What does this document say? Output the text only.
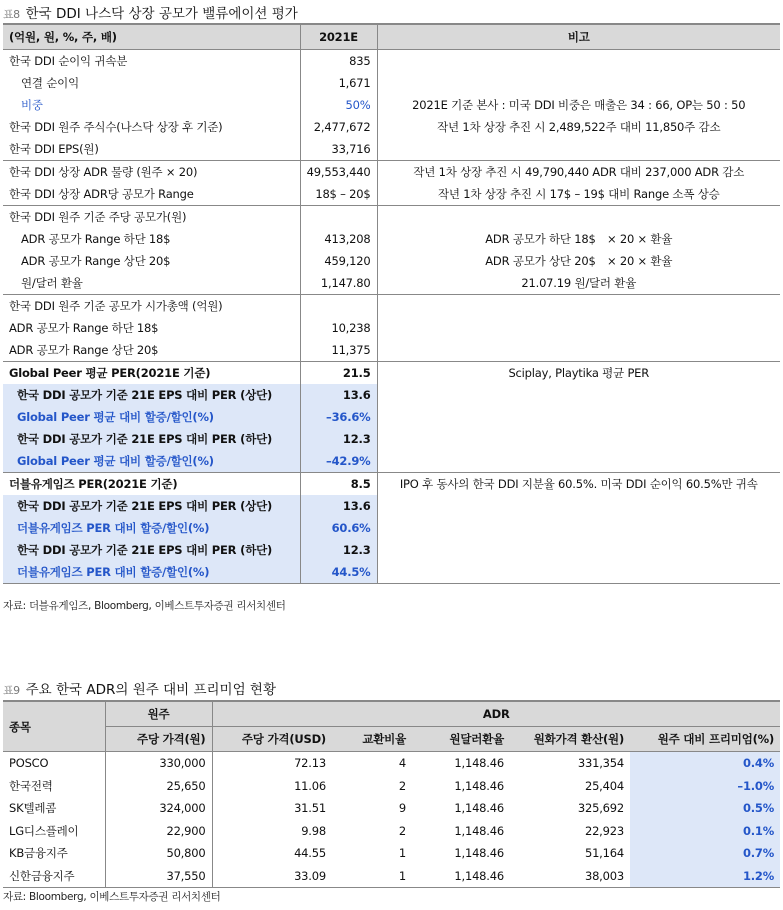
표8 한국 DDI 나스닥 상장 공모가 밸류에이션 평가
(억원, 원, %, 주, 배)	2021E	비고
한국 DDI 순이익 귀속분	835	
연결 순이익	1,671	
비중	50%	2021E 기준 본사 : 미국 DDI 비중은 매출은 34 : 66, OP는 50 : 50
한국 DDI 원주 주식수(나스닥 상장 후 기준)	2,477,672	작년 1차 상장 추진 시 2,489,522주 대비 11,850주 감소
한국 DDI EPS(원)	33,716	
한국 DDI 상장 ADR 물량 (원주 × 20)	49,553,440	작년 1차 상장 추진 시 49,790,440 ADR 대비 237,000 ADR 감소
한국 DDI 상장 ADR당 공모가 Range	18$ – 20$	작년 1차 상장 추진 시 17$ – 19$ 대비 Range 소폭 상승
한국 DDI 원주 기준 주당 공모가(원)		
ADR 공모가 Range 하단 18$	413,208	ADR 공모가 하단 18$　× 20 × 환율
ADR 공모가 Range 상단 20$	459,120	ADR 공모가 상단 20$　× 20 × 환율
원/달러 환율	1,147.80	21.07.19 원/달러 환율
한국 DDI 원주 기준 공모가 시가총액 (억원)		
ADR 공모가 Range 하단 18$	10,238	
ADR 공모가 Range 상단 20$	11,375	
Global Peer 평균 PER(2021E 기준)	21.5	Sciplay, Playtika 평균 PER
한국 DDI 공모가 기준 21E EPS 대비 PER (상단)	13.6	
Global Peer 평균 대비 할증/할인(%)	–36.6%	
한국 DDI 공모가 기준 21E EPS 대비 PER (하단)	12.3	
Global Peer 평균 대비 할증/할인(%)	–42.9%	
더블유게임즈 PER(2021E 기준)	8.5	IPO 후 동사의 한국 DDI 지분율 60.5%. 미국 DDI 순이익 60.5%만 귀속
한국 DDI 공모가 기준 21E EPS 대비 PER (상단)	13.6	
더블유게임즈 PER 대비 할증/할인(%)	60.6%	
한국 DDI 공모가 기준 21E EPS 대비 PER (하단)	12.3	
더블유게임즈 PER 대비 할증/할인(%)	44.5%	
자료: 더블유게임즈, Bloomberg, 이베스트투자증권 리서치센터
표9 주요 한국 ADR의 원주 대비 프리미엄 현황
종목	원주	ADR				
	주당 가격(원)	주당 가격(USD)	교환비율	원달러환율	원화가격 환산(원)	원주 대비 프리미엄(%)
POSCO	330,000	72.13	4	1,148.46	331,354	0.4%
한국전력	25,650	11.06	2	1,148.46	25,404	–1.0%
SK텔레콤	324,000	31.51	9	1,148.46	325,692	0.5%
LG디스플레이	22,900	9.98	2	1,148.46	22,923	0.1%
KB금융지주	50,800	44.55	1	1,148.46	51,164	0.7%
신한금융지주	37,550	33.09	1	1,148.46	38,003	1.2%
자료: Bloomberg, 이베스트투자증권 리서치센터
